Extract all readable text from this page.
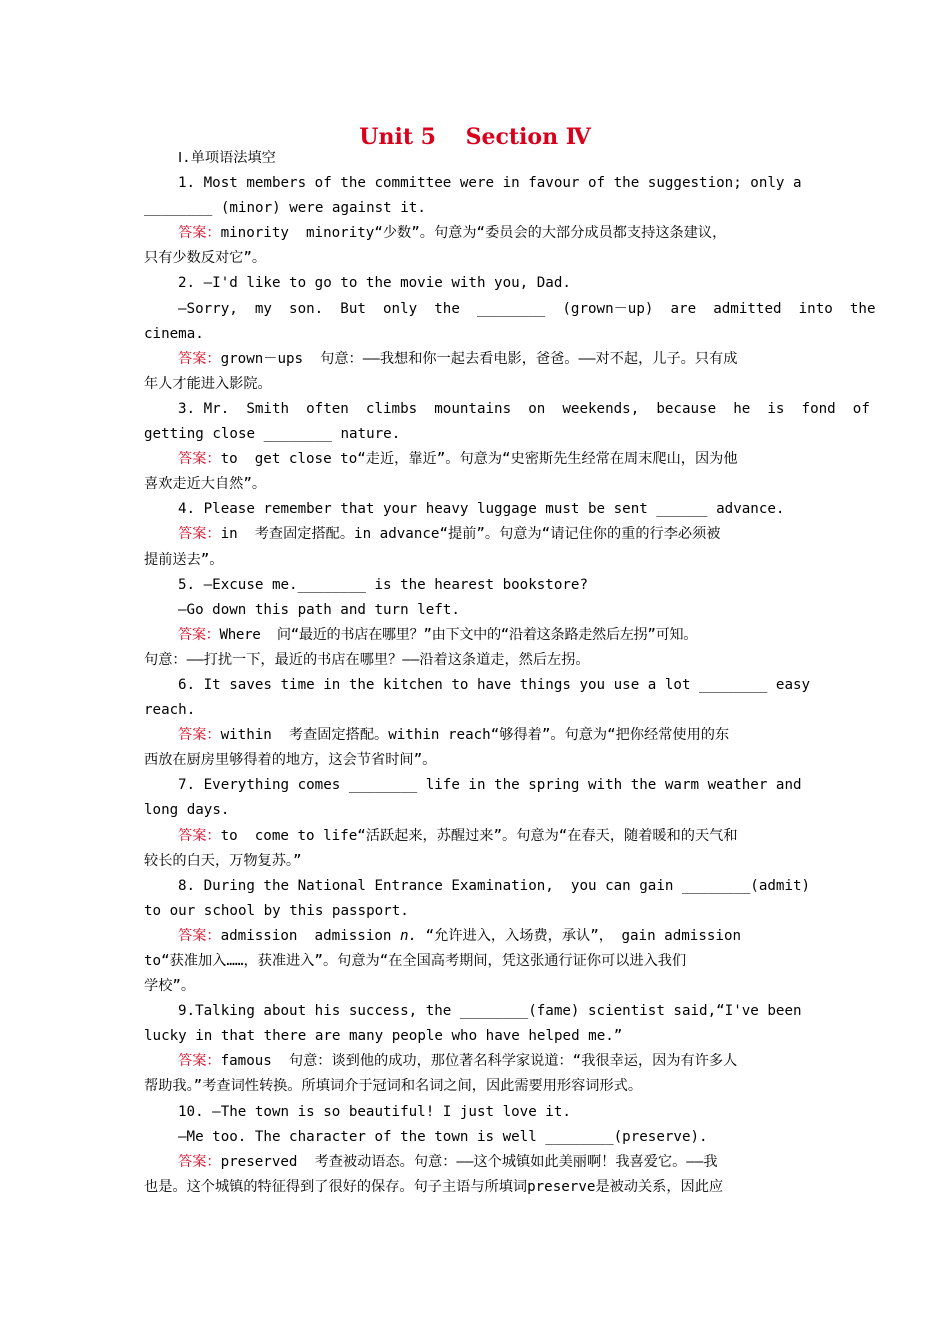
Unit 5　 Section Ⅳ
Ⅰ.单项语法填空
1. Most members of the committee were in favour of the suggestion; only a
________ (minor) were against it.
答案：minority  minority“少数”。句意为“委员会的大部分成员都支持这条建议，
只有少数反对它”。
2. —I'd like to go to the movie with you, Dad.
—Sorry,  my  son.  But  only  the  ________  (grown－up)  are  admitted  into  the
cinema.
答案：grown－ups  句意：——我想和你一起去看电影，爸爸。——对不起，儿子。只有成
年人才能进入影院。
3. Mr.  Smith  often  climbs  mountains  on  weekends,  because  he  is  fond  of
getting close ________ nature.
答案：to  get close to“走近，靠近”。句意为“史密斯先生经常在周末爬山，因为他
喜欢走近大自然”。
4. Please remember that your heavy luggage must be sent ______ advance.
答案：in  考查固定搭配。in advance“提前”。句意为“请记住你的重的行李必须被
提前送去”。
5. —Excuse me.________ is the hearest bookstore?
—Go down this path and turn left.
答案：Where  问“最近的书店在哪里？”由下文中的“沿着这条路走然后左拐”可知。
句意：——打扰一下，最近的书店在哪里？——沿着这条道走，然后左拐。
6. It saves time in the kitchen to have things you use a lot ________ easy
reach.
答案：within  考查固定搭配。within reach“够得着”。句意为“把你经常使用的东
西放在厨房里够得着的地方，这会节省时间”。
7. Everything comes ________ life in the spring with the warm weather and
long days.
答案：to  come to life“活跃起来，苏醒过来”。句意为“在春天，随着暖和的天气和
较长的白天，万物复苏。”
8. During the National Entrance Examination,  you can gain ________(admit)
to our school by this passport.
答案：admission  admission n. “允许进入，入场费，承认”， gain admission
to“获准加入……，获准进入”。句意为“在全国高考期间，凭这张通行证你可以进入我们
学校”。
9.Talking about his success, the ________(fame) scientist said,“I've been
lucky in that there are many people who have helped me.”
答案：famous  句意：谈到他的成功，那位著名科学家说道：“我很幸运，因为有许多人
帮助我。”考查词性转换。所填词介于冠词和名词之间，因此需要用形容词形式。
10. —The town is so beautiful! I just love it.
—Me too. The character of the town is well ________(preserve).
答案：preserved  考查被动语态。句意：——这个城镇如此美丽啊！我喜爱它。——我
也是。这个城镇的特征得到了很好的保存。句子主语与所填词preserve是被动关系，因此应
